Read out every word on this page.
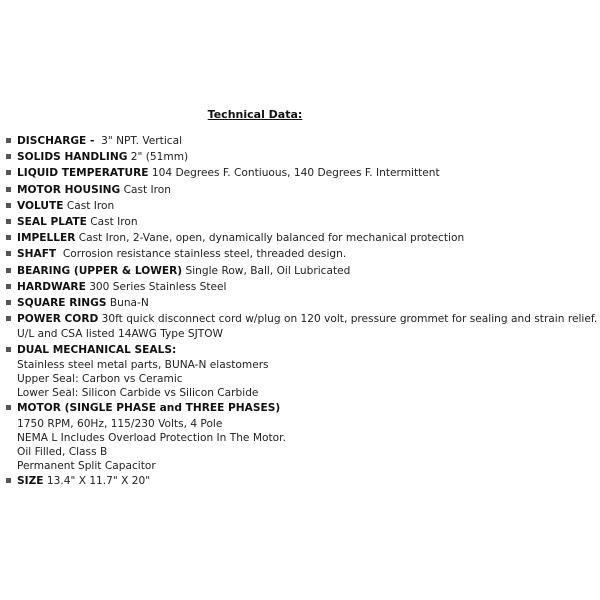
Technical Data:
DISCHARGE -  3" NPT. Vertical
SOLIDS HANDLING 2" (51mm)
LIQUID TEMPERATURE 104 Degrees F. Contiuous, 140 Degrees F. Intermittent
MOTOR HOUSING Cast Iron
VOLUTE Cast Iron
SEAL PLATE Cast Iron
IMPELLER Cast Iron, 2-Vane, open, dynamically balanced for mechanical protection
SHAFT  Corrosion resistance stainless steel, threaded design.
BEARING (UPPER & LOWER) Single Row, Ball, Oil Lubricated
HARDWARE 300 Series Stainless Steel
SQUARE RINGS Buna-N
POWER CORD 30ft quick disconnect cord w/plug on 120 volt, pressure grommet for sealing and strain relief.
U/L and CSA listed 14AWG Type SJTOW
DUAL MECHANICAL SEALS:
Stainless steel metal parts, BUNA-N elastomers
Upper Seal: Carbon vs Ceramic
Lower Seal: Silicon Carbide vs Silicon Carbide
MOTOR (SINGLE PHASE and THREE PHASES)
1750 RPM, 60Hz, 115/230 Volts, 4 Pole
NEMA L Includes Overload Protection In The Motor.
Oil Filled, Class B
Permanent Split Capacitor
SIZE 13.4" X 11.7" X 20"
